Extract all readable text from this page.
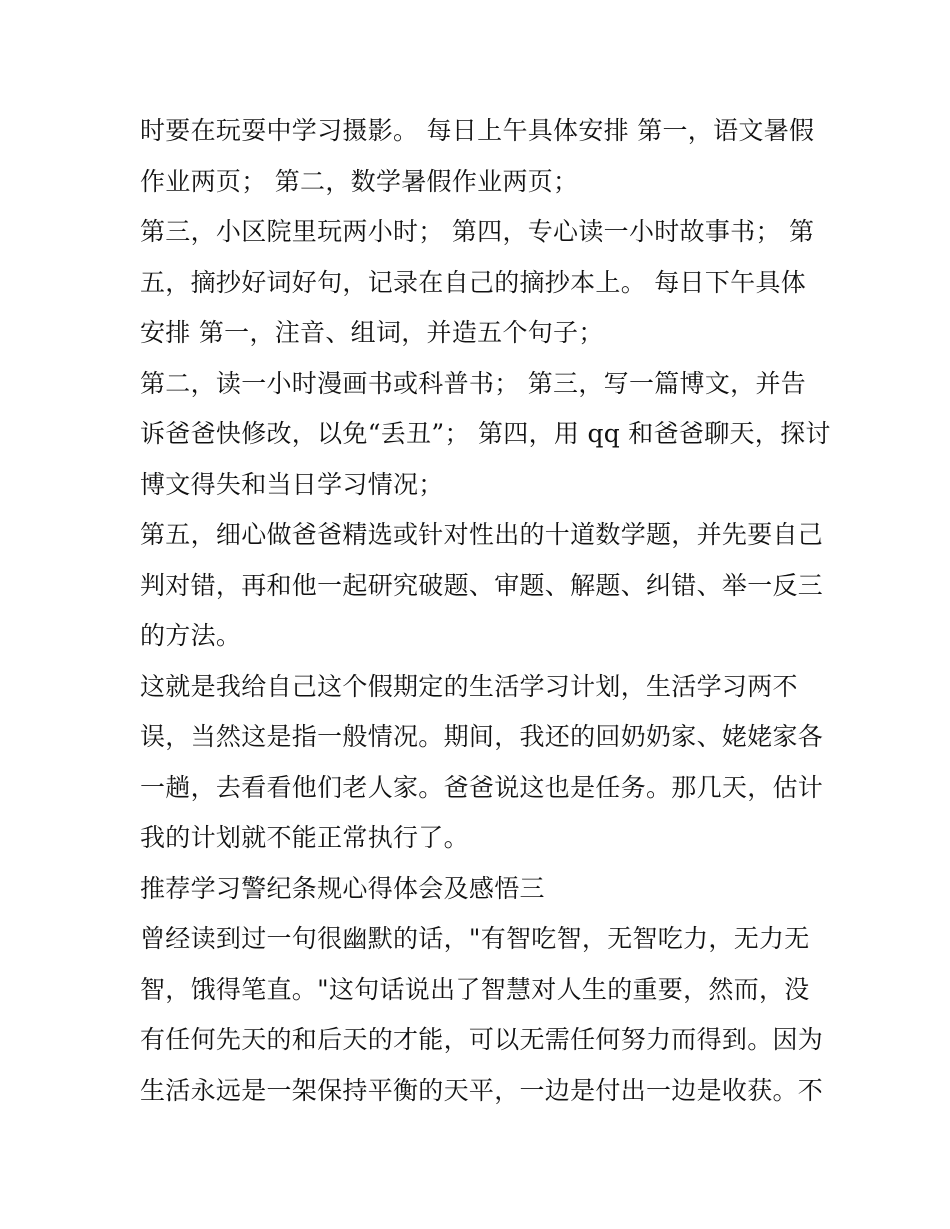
时要在玩耍中学习摄影。 每日上午具体安排 第一，语文暑假
作业两页； 第二，数学暑假作业两页；
第三，小区院里玩两小时； 第四，专心读一小时故事书； 第
五，摘抄好词好句，记录在自己的摘抄本上。 每日下午具体
安排 第一，注音、组词，并造五个句子；
第二，读一小时漫画书或科普书； 第三，写一篇博文，并告
诉爸爸快修改，以免“丢丑”； 第四，用 qq 和爸爸聊天，探讨
博文得失和当日学习情况；
第五，细心做爸爸精选或针对性出的十道数学题，并先要自己
判对错，再和他一起研究破题、审题、解题、纠错、举一反三
的方法。
这就是我给自己这个假期定的生活学习计划，生活学习两不
误，当然这是指一般情况。期间，我还的回奶奶家、姥姥家各
一趟，去看看他们老人家。爸爸说这也是任务。那几天，估计
我的计划就不能正常执行了。
推荐学习警纪条规心得体会及感悟三
曾经读到过一句很幽默的话，"有智吃智，无智吃力，无力无
智，饿得笔直。"这句话说出了智慧对人生的重要，然而，没
有任何先天的和后天的才能，可以无需任何努力而得到。因为
生活永远是一架保持平衡的天平，一边是付出一边是收获。不
